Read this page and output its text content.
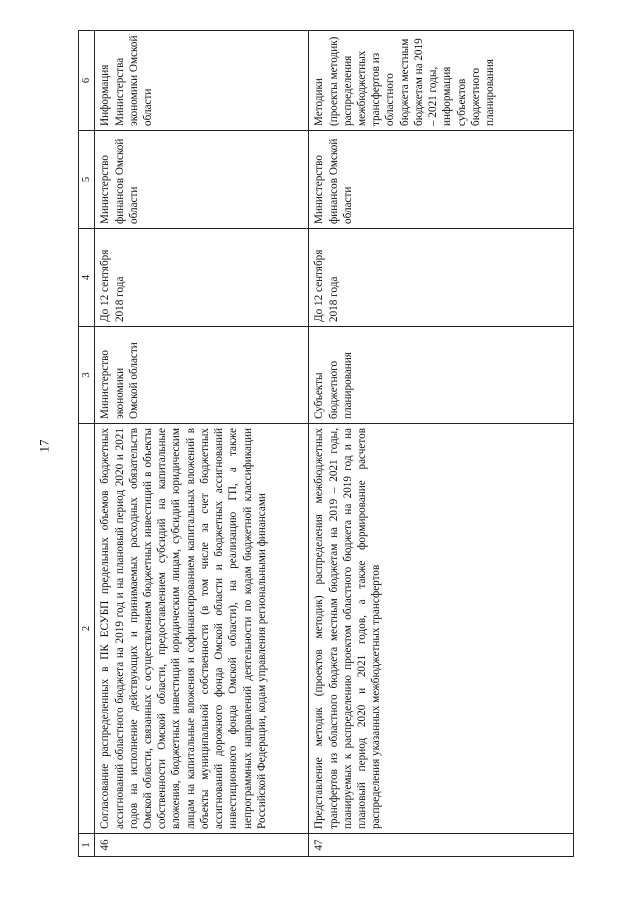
17
1	2	3	4	5	6
46	Согласование распределенных в ПК ЕСУБП предельных объемов бюджетных ассигнований областного бюджета на 2019 год и на плановый период 2020 и 2021 годов на исполнение действующих и принимаемых расходных обязательств Омской области, связанных с осуществлением бюджетных инвестиций в объекты собственности Омской области, предоставлением субсидий на капитальные вложения, бюджетных инвестиций юридическим лицам, субсидий юридическим лицам на капитальные вложения и софинансированием капитальных вложений в объекты муниципальной собственности (в том числе за счет бюджетных ассигнований дорожного фонда Омской области и бюджетных ассигнований инвестиционного фонда Омской области), на реализацию ГП, а также непрограммных направлений деятельности по кодам бюджетной классификации Российской Федерации, кодам управления региональными финансами	Министерство экономики Омской области	До 12 сентября 2018 года	Министерство финансов Омской области	Информация Министерства экономики Омской области
47	Представление методик (проектов методик) распределения межбюджетных трансфертов из областного бюджета местным бюджетам на 2019 – 2021 годы, планируемых к распределению проектом областного бюджета на 2019 год и на плановый период 2020 и 2021 годов, а также формирование расчетов распределения указанных межбюджетных трансфертов	Субъекты бюджетного планирования	До 12 сентября 2018 года	Министерство финансов Омской области	Методики (проекты методик) распределения межбюджетных трансфертов из областного бюджета местным бюджетам на 2019 – 2021 годы, информация субъектов бюджетного планирования
